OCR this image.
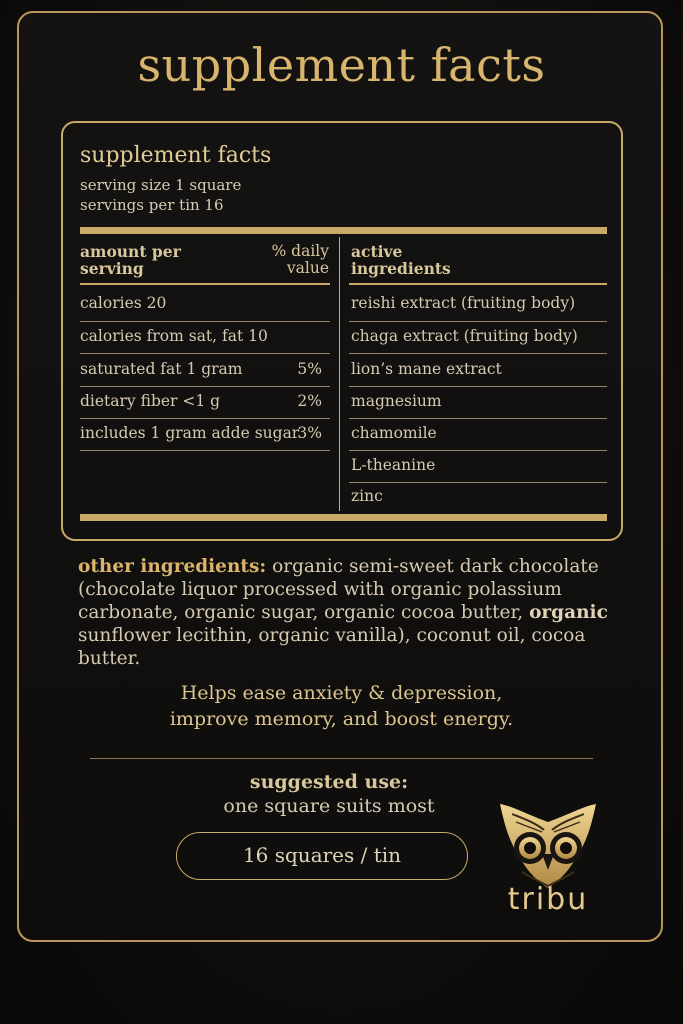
supplement facts
supplement facts
serving size 1 square
servings per tin 16
amount per
serving
% daily
value
active
ingredients
calories 20
calories from sat, fat 10
saturated fat 1 gram	5%
dietary fiber <1 g	2%
includes 1 gram adde sugar
3%
reishi extract (fruiting body)
chaga extract (fruiting body)
lion’s mane extract
magnesium
chamomile
L-theanine
zinc
other ingredients: organic semi-sweet dark chocolate (chocolate liquor processed with organic polassium carbonate, organic sugar, organic cocoa butter, organic sunflower lecithin, organic vanilla), coconut oil, cocoa butter.
Helps ease anxiety & depression,
improve memory, and boost energy.
suggested use:
one square suits most
16 squares / tin
tribu
